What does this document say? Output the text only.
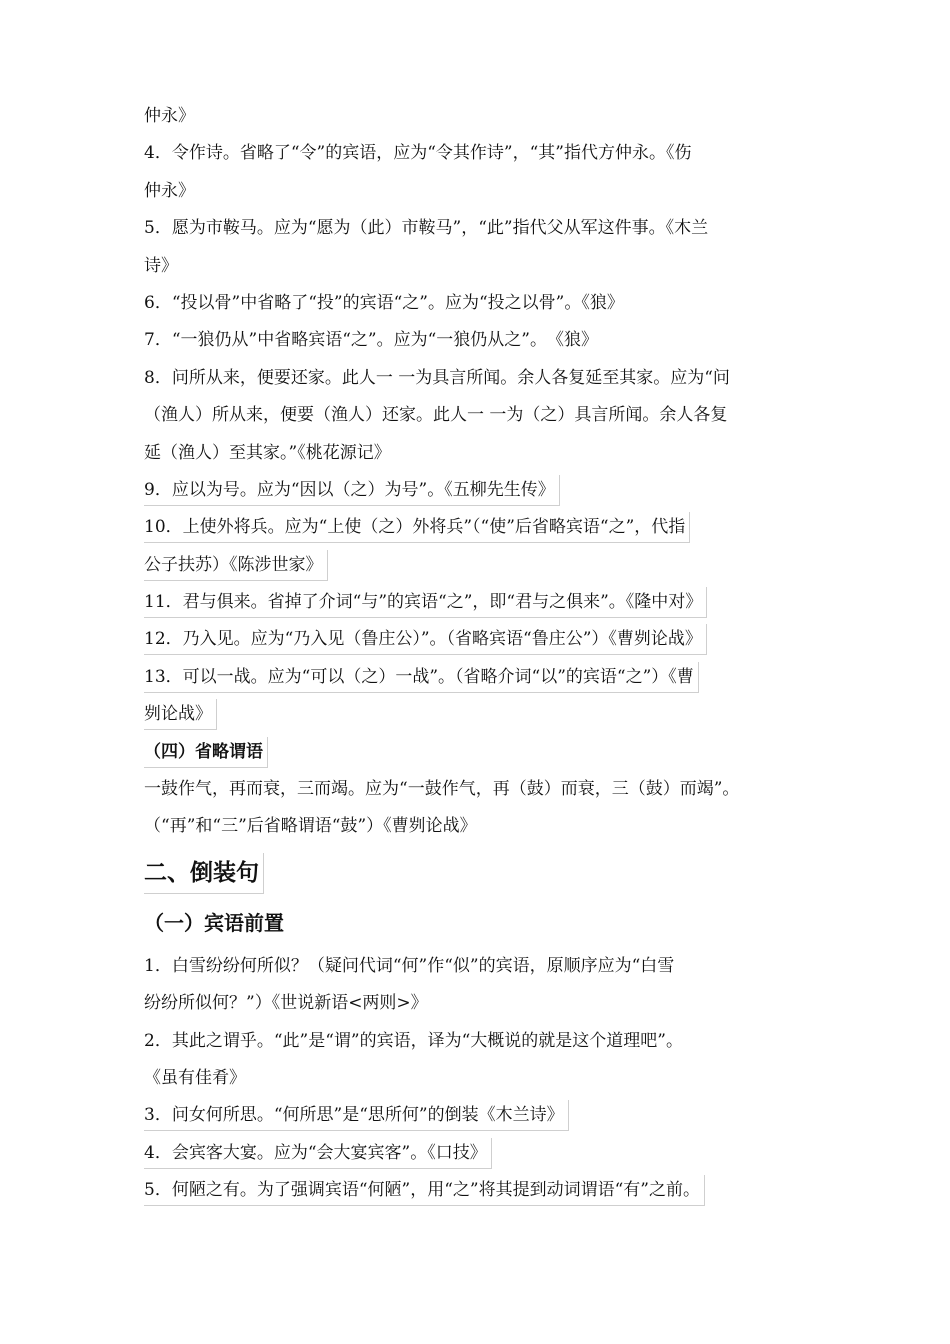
仲永》
4．令作诗。省略了“令”的宾语，应为“令其作诗”，“其”指代方仲永。《伤
仲永》
5．愿为市鞍马。应为“愿为（此）市鞍马”，“此”指代父从军这件事。《木兰
诗》
6．“投以骨”中省略了“投”的宾语“之”。应为“投之以骨”。《狼》
7．“一狼仍从”中省略宾语“之”。应为“一狼仍从之”。　《狼》
8．问所从来，便要还家。此人一 一为具言所闻。余人各复延至其家。应为“问
（渔人）所从来，便要（渔人）还家。此人一 一为（之）具言所闻。余人各复
延（渔人）至其家。”《桃花源记》
9．应以为号。应为“因以（之）为号”。《五柳先生传》
10．上使外将兵。应为“上使（之）外将兵”（“使”后省略宾语“之”，代指
公子扶苏）《陈涉世家》
11．君与俱来。省掉了介词“与”的宾语“之”，即“君与之俱来”。《隆中对》
12．乃入见。应为“乃入见（鲁庄公）”。（省略宾语“鲁庄公”）《曹刿论战》
13．可以一战。应为“可以（之）一战”。（省略介词“以”的宾语“之”）《曹
刿论战》
（四）省略谓语
一鼓作气，再而衰，三而竭。应为“一鼓作气，再（鼓）而衰，三（鼓）而竭”。
（“再”和“三”后省略谓语“鼓”）《曹刿论战》
二、倒装句
（一）宾语前置
1．白雪纷纷何所似？（疑问代词“何”作“似”的宾语，原顺序应为“白雪
纷纷所似何？”）《世说新语<两则>》
2．其此之谓乎。“此”是“谓”的宾语，译为“大概说的就是这个道理吧”。
《虽有佳肴》
3．问女何所思。“何所思”是“思所何”的倒装《木兰诗》
4．会宾客大宴。应为“会大宴宾客”。《口技》
5．何陋之有。为了强调宾语“何陋”，用“之”将其提到动词谓语“有”之前。
